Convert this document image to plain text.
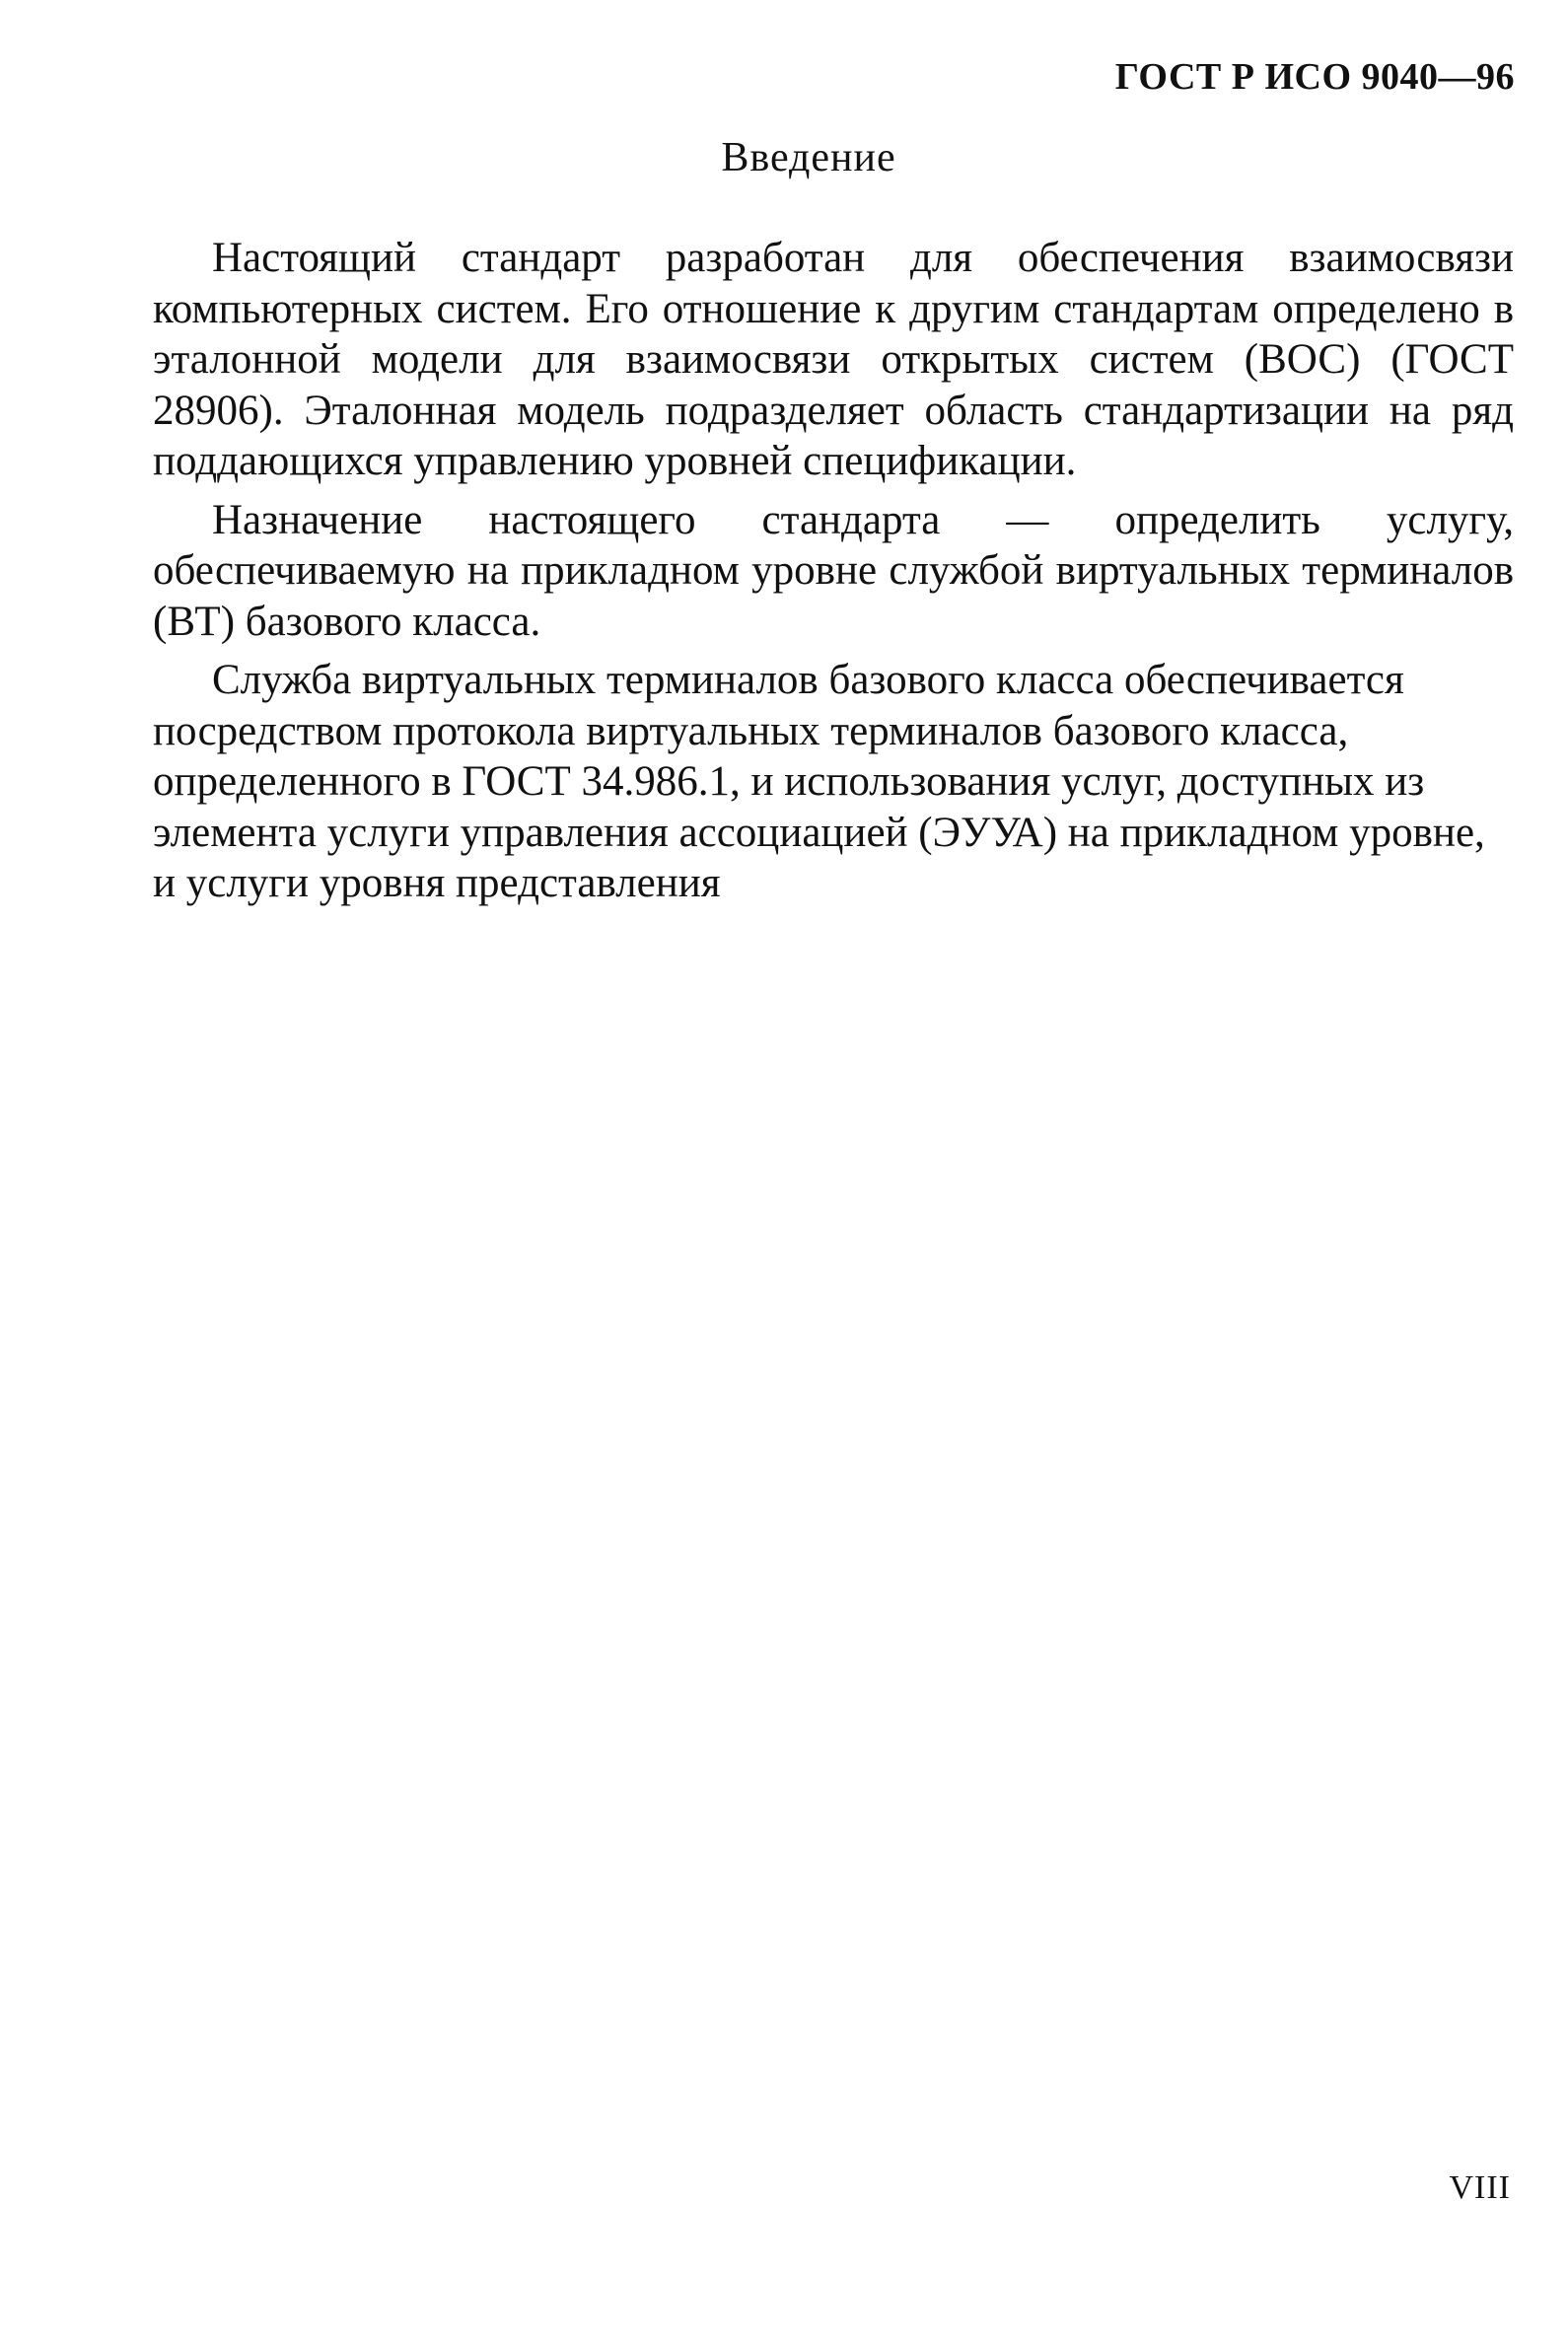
ГОСТ Р ИСО 9040—96
Введение

Настоящий стандарт разработан для обеспечения взаимосвязи компьютерных систем. Его отношение к другим стандартам определено в эталонной модели для взаимосвязи открытых систем (ВОС) (ГОСТ 28906). Эталонная модель подразделяет область стандартизации на ряд поддающихся управлению уровней спецификации.

Назначение настоящего стандарта — определить услугу, обеспечиваемую на прикладном уровне службой виртуальных терминалов (ВТ) базового класса.

Служба виртуальных терминалов базового класса обеспечивается посредством протокола виртуальных терминалов базового класса, определенного в ГОСТ 34.986.1, и использования услуг, доступных из элемента услуги управления ассоциацией (ЭУУА) на прикладном уровне, и услуги уровня представления

VIII
